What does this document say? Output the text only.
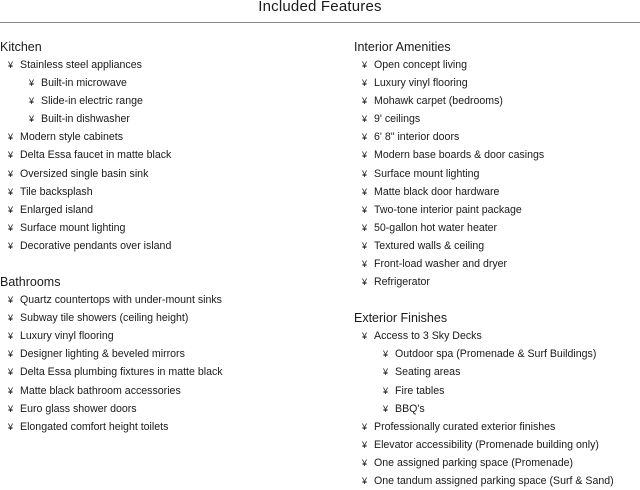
Included Features
Kitchen
¥ Stainless steel appliances
¥ Built-in microwave
¥ Slide-in electric range
¥ Built-in dishwasher
¥ Modern style cabinets
¥ Delta Essa faucet in matte black
¥ Oversized single basin sink
¥ Tile backsplash
¥ Enlarged island
¥ Surface mount lighting
¥ Decorative pendants over island
Bathrooms
¥ Quartz countertops with under-mount sinks
¥ Subway tile showers (ceiling height)
¥ Luxury vinyl flooring
¥ Designer lighting & beveled mirrors
¥ Delta Essa plumbing fixtures in matte black
¥ Matte black bathroom accessories
¥ Euro glass shower doors
¥ Elongated comfort height toilets
Interior Amenities
¥ Open concept living
¥ Luxury vinyl flooring
¥ Mohawk carpet (bedrooms)
¥ 9' ceilings
¥ 6' 8" interior doors
¥ Modern base boards & door casings
¥ Surface mount lighting
¥ Matte black door hardware
¥ Two-tone interior paint package
¥ 50-gallon hot water heater
¥ Textured walls & ceiling
¥ Front-load washer and dryer
¥ Refrigerator
Exterior Finishes
¥ Access to 3 Sky Decks
¥ Outdoor spa (Promenade & Surf Buildings)
¥ Seating areas
¥ Fire tables
¥ BBQ's
¥ Professionally curated exterior finishes
¥ Elevator accessibility (Promenade building only)
¥ One assigned parking space (Promenade)
¥ One tandum assigned parking space (Surf & Sand)
